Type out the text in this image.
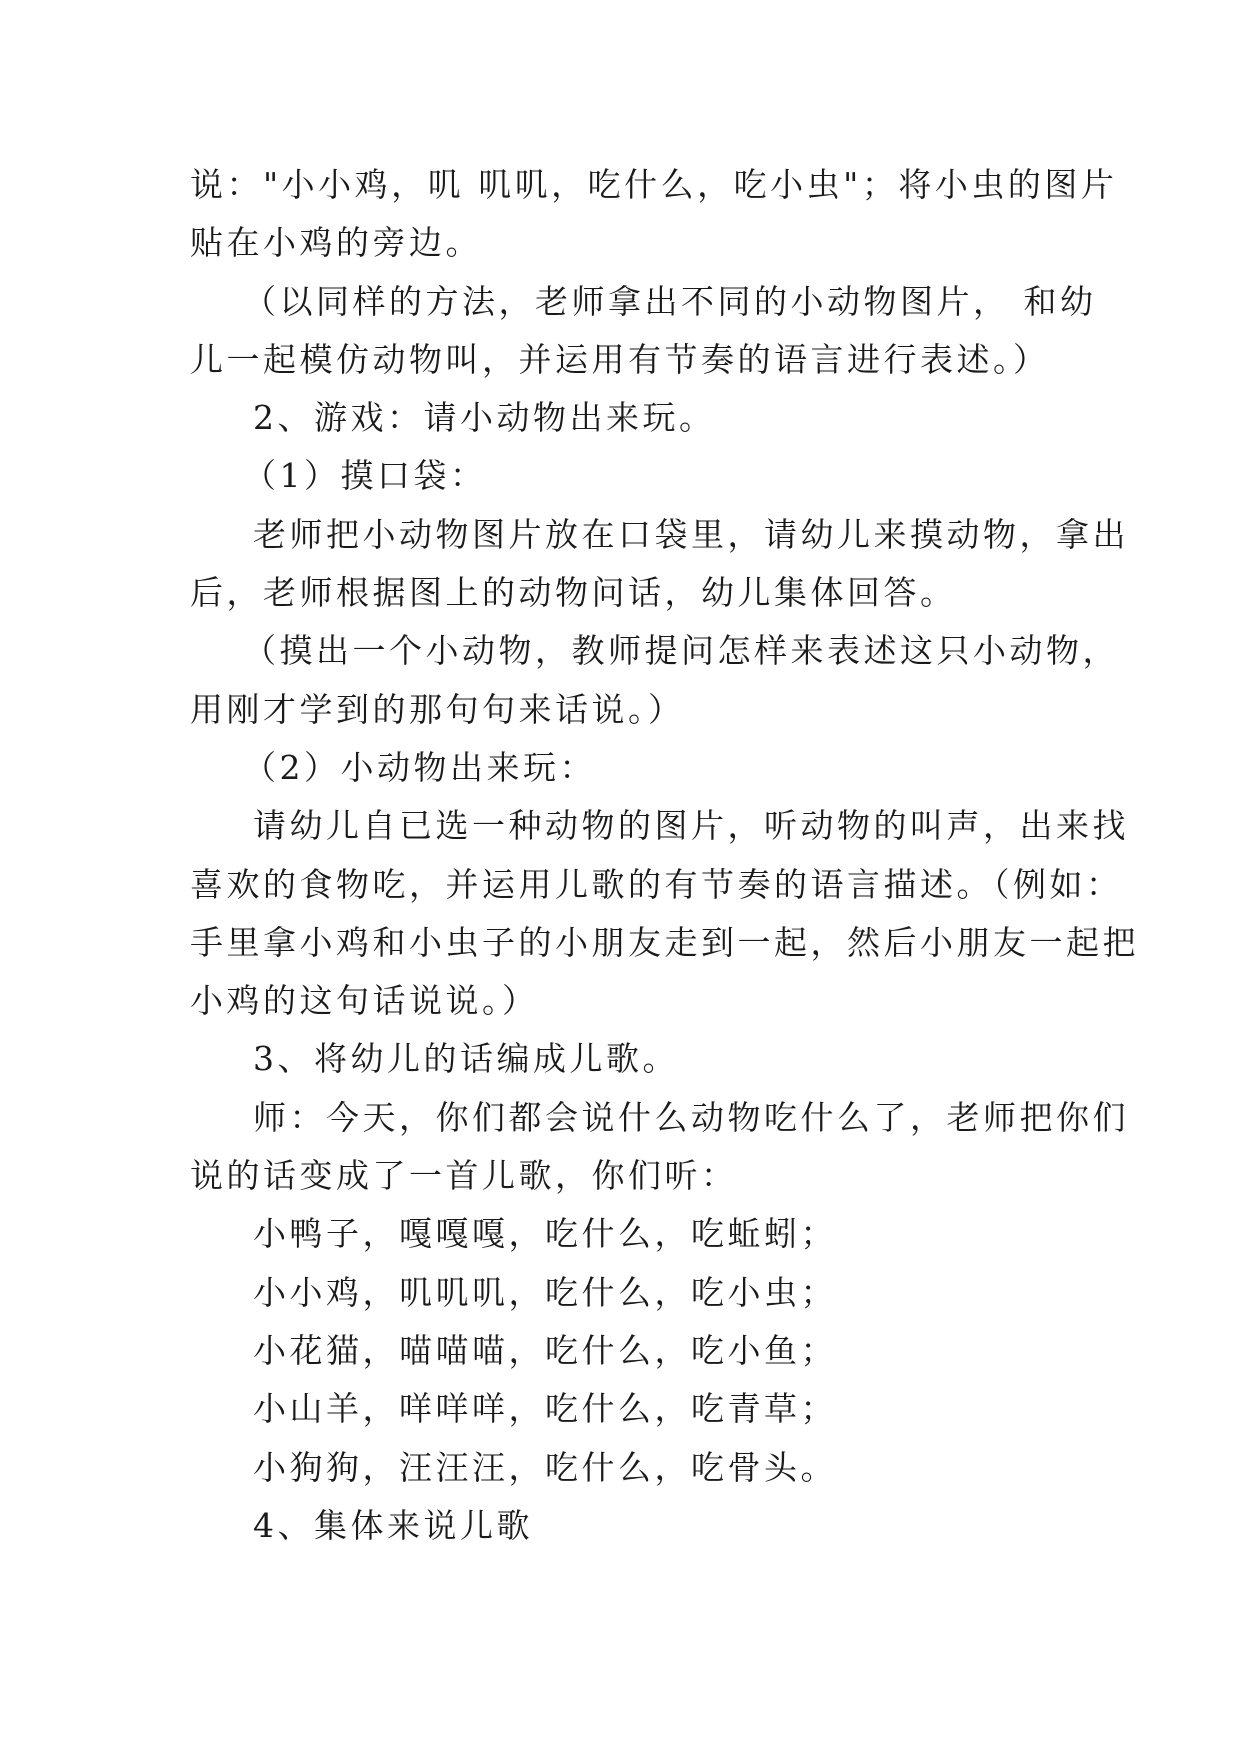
说："小小鸡，叽 叽叽，吃什么，吃小虫"；将小虫的图片
贴在小鸡的旁边。
（以同样的方法，老师拿出不同的小动物图片， 和幼
儿一起模仿动物叫，并运用有节奏的语言进行表述。）
2、游戏：请小动物出来玩。
（1）摸口袋：
老师把小动物图片放在口袋里，请幼儿来摸动物，拿出
后，老师根据图上的动物问话，幼儿集体回答。
（摸出一个小动物，教师提问怎样来表述这只小动物，
用刚才学到的那句句来话说。）
（2）小动物出来玩：
请幼儿自已选一种动物的图片，听动物的叫声，出来找
喜欢的食物吃，并运用儿歌的有节奏的语言描述。（例如：
手里拿小鸡和小虫子的小朋友走到一起，然后小朋友一起把
小鸡的这句话说说。）
3、将幼儿的话编成儿歌。
师：今天，你们都会说什么动物吃什么了，老师把你们
说的话变成了一首儿歌，你们听：
小鸭子，嘎嘎嘎，吃什么，吃蚯蚓；
小小鸡，叽叽叽，吃什么，吃小虫；
小花猫，喵喵喵，吃什么，吃小鱼；
小山羊，咩咩咩，吃什么，吃青草；
小狗狗，汪汪汪，吃什么，吃骨头。
4、集体来说儿歌
